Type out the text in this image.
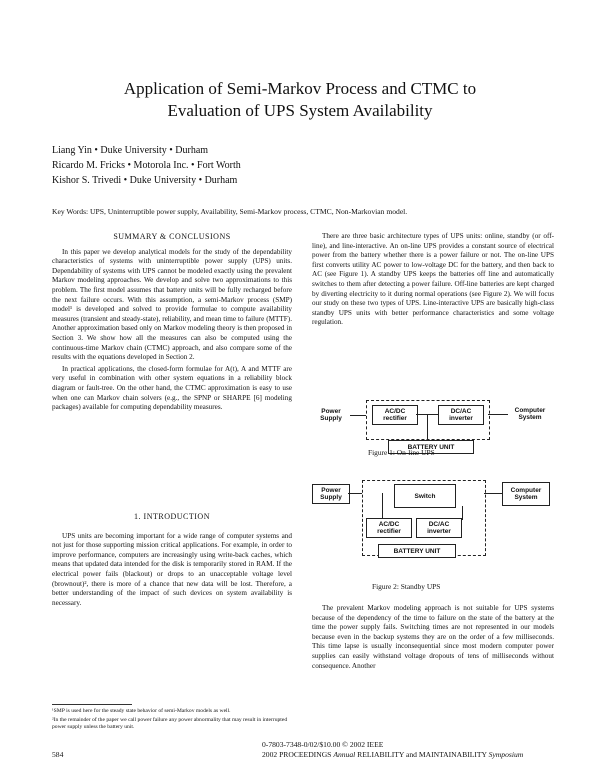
Application of Semi-Markov Process and CTMC to
Evaluation of UPS System Availability
Liang Yin • Duke University • Durham
Ricardo M. Fricks • Motorola Inc. • Fort Worth
Kishor S. Trivedi • Duke University • Durham
Key Words: UPS, Uninterruptible power supply, Availability, Semi-Markov process, CTMC, Non-Markovian model.
SUMMARY & CONCLUSIONS

In this paper we develop analytical models for the study of the dependability characteristics of systems with uninterruptible power supply (UPS) units. Dependability of systems with UPS cannot be modeled exactly using the prevalent Markov modeling approaches. We develop and solve two approximations to this problem. The first model assumes that battery units will be fully recharged before the next failure occurs. With this assumption, a semi-Markov process (SMP) model¹ is developed and solved to provide formulae to compute availability measures (transient and steady-state), reliability, and mean time to failure (MTTF). Another approximation based only on Markov modeling theory is then proposed in Section 3. We show how all the measures can also be computed using the continuous-time Markov chain (CTMC) approach, and also compare some of the results with the equations developed in Section 2.

In practical applications, the closed-form formulae for A(t), A and MTTF are very useful in combination with other system equations in a reliability block diagram or fault-tree. On the other hand, the CTMC approximation is easy to use when one can Markov chain solvers (e.g., the SPNP or SHARPE [6] modeling packages) available for computing dependability measures.

1. INTRODUCTION

UPS units are becoming important for a wide range of computer systems and not just for those supporting mission critical applications. For example, in order to improve performance, computers are increasingly using write-back caches, which means that updated data intended for the disk is temporarily stored in RAM. If the electrical power fails (blackout) or drops to an unacceptable voltage level (brownout)², there is more of a chance that new data will be lost. Therefore, a better understanding of the impact of such devices on system availability is necessary.

¹SMP is used here for the steady state behavior of semi-Markov models as well.
²In the remainder of the paper we call power failure any power abnormality that may result in interrupted power supply unless the battery unit.

There are three basic architecture types of UPS units: online, standby (or off-line), and line-interactive. An on-line UPS provides a constant source of electrical power from the battery whether there is a power failure or not. The on-line UPS first converts utility AC power to low-voltage DC for the battery, and then back to AC (see Figure 1). A standby UPS keeps the batteries off line and automatically switches to them after detecting a power failure. Off-line batteries are kept charged by diverting electricity to it during normal operations (see Figure 2). We will focus our study on these two types of UPS. Line-interactive UPS are basically high-class standby UPS units with better performance characteristics and some voltage regulation.

Power Supply
AC/DC rectifier
DC/AC inverter
BATTERY UNIT
Computer System
Figure 1: On-line UPS
Power Supply	Switch
Computer System
AC/DC rectifier
DC/AC inverter
BATTERY UNIT
Figure 2: Standby UPS

The prevalent Markov modeling approach is not suitable for UPS systems because of the dependency of the time to failure on the state of the battery at the time the power supply fails. Switching times are not represented in our models because even in the backup systems they are on the order of a few milliseconds. This time lapse is usually inconsequential since most modern computer power supplies can easily withstand voltage dropouts of tens of milliseconds without consequence. Another

0-7803-7348-0/02/$10.00 © 2002 IEEE
584	2002 PROCEEDINGS Annual RELIABILITY and MAINTAINABILITY Symposium
